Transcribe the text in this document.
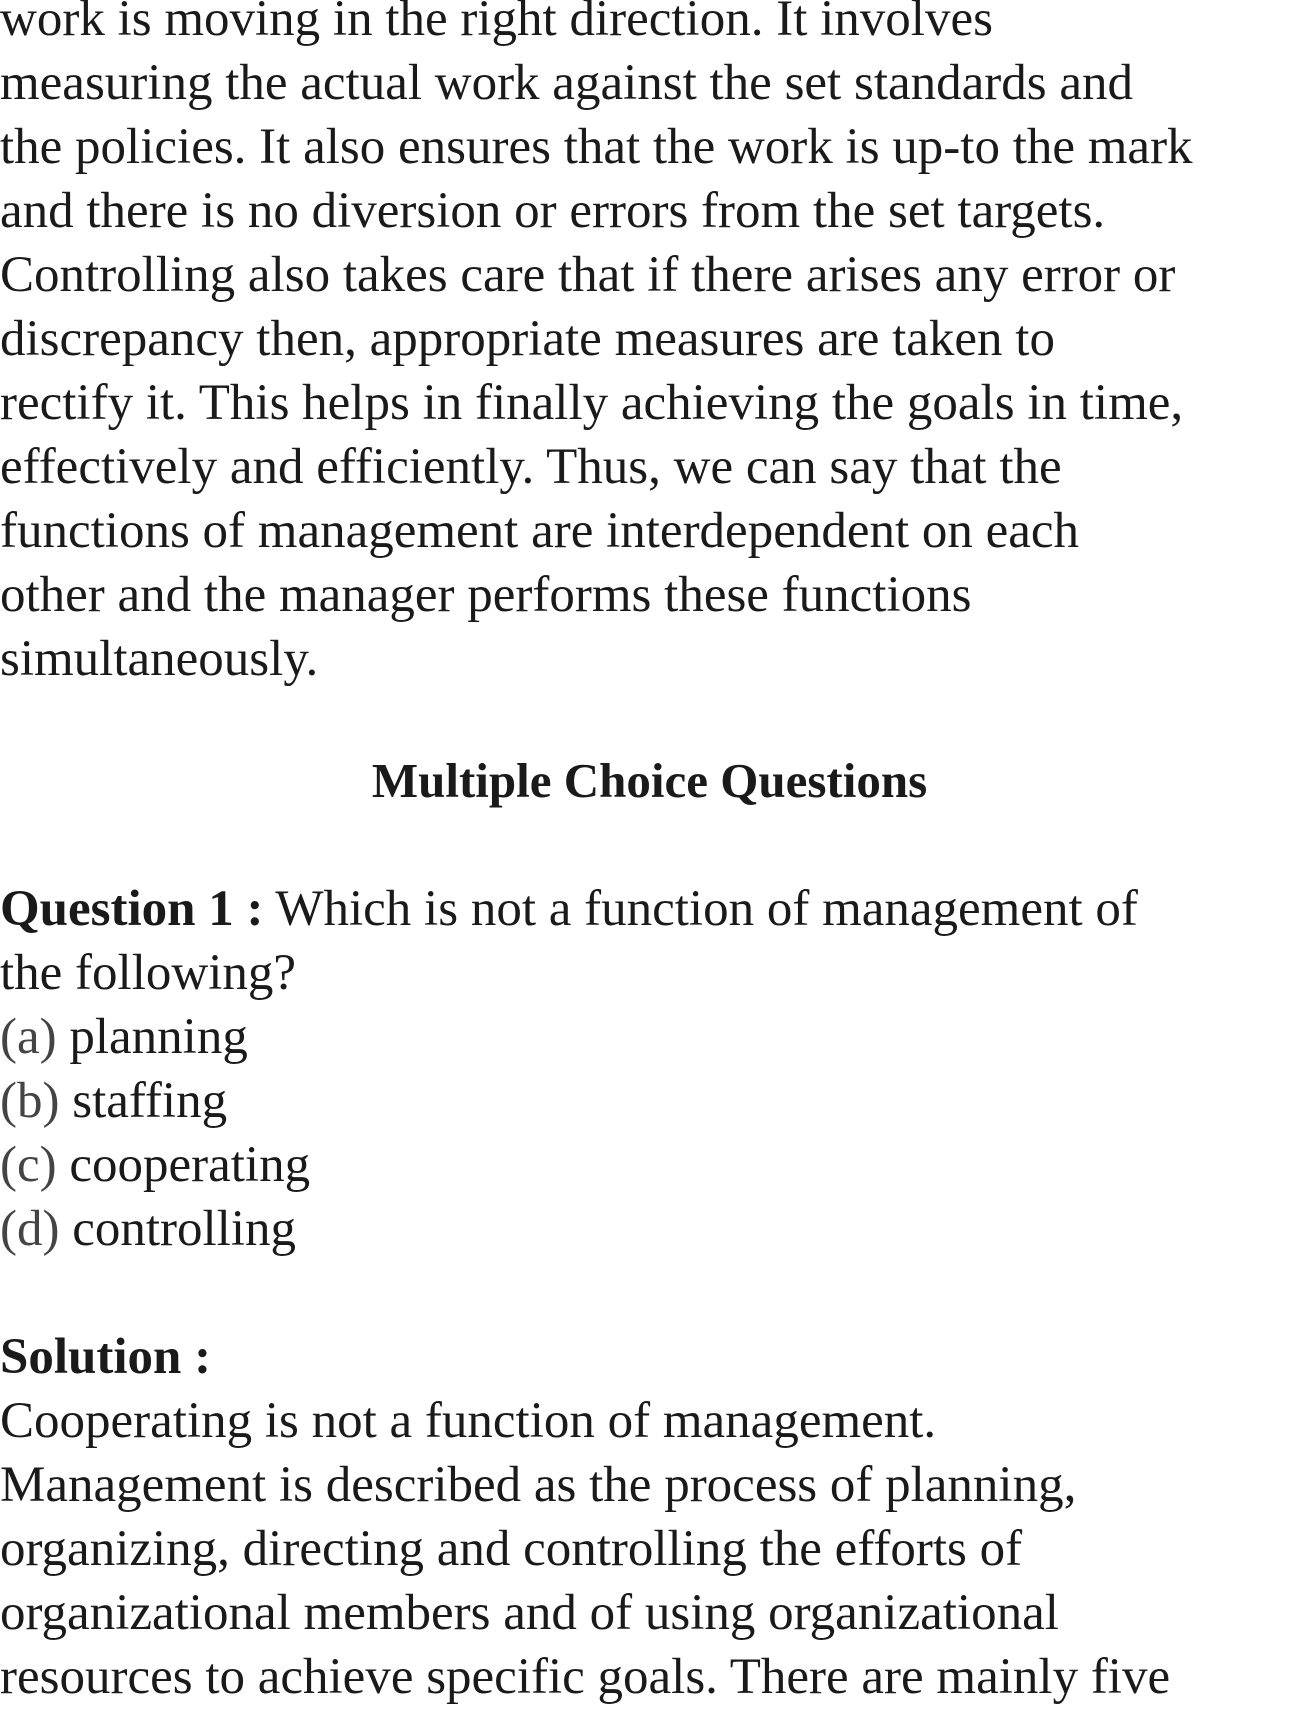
work is moving in the right direction. It involves
measuring the actual work against the set standards and
the policies. It also ensures that the work is up-to the mark
and there is no diversion or errors from the set targets.
Controlling also takes care that if there arises any error or
discrepancy then, appropriate measures are taken to
rectify it. This helps in finally achieving the goals in time,
effectively and efficiently. Thus, we can say that the
functions of management are interdependent on each
other and the manager performs these functions
simultaneously.
Multiple Choice Questions
Question 1 : Which is not a function of management of
the following?
(a) planning
(b) staffing
(c) cooperating
(d) controlling
Solution :
Cooperating is not a function of management.
Management is described as the process of planning,
organizing, directing and controlling the efforts of
organizational members and of using organizational
resources to achieve specific goals. There are mainly five
